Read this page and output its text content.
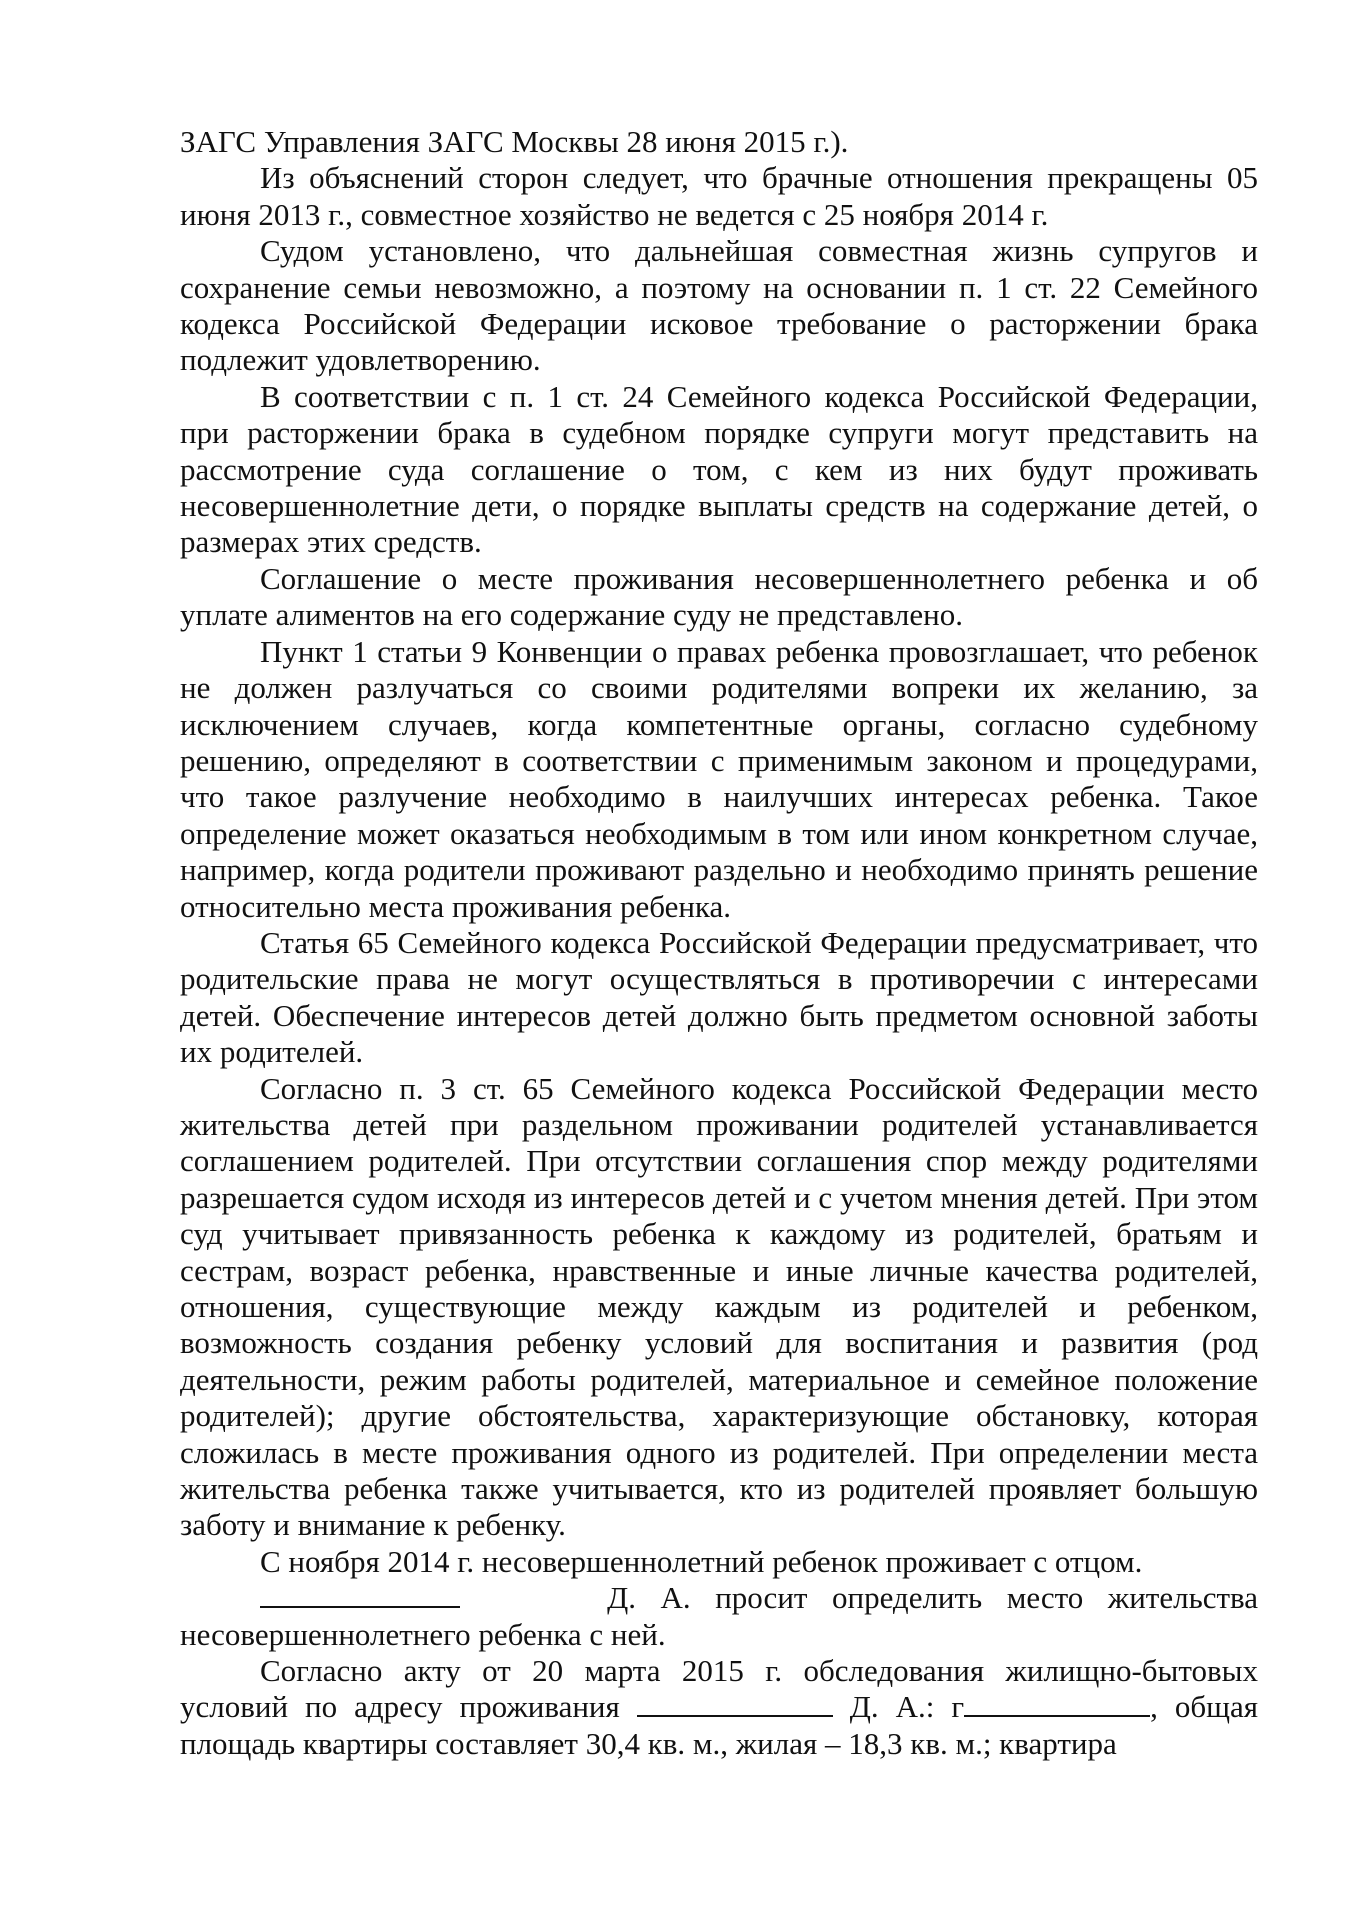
ЗАГС Управления ЗАГС Москвы 28 июня 2015 г.).

Из объяснений сторон следует, что брачные отношения прекращены 05 июня 2013 г., совместное хозяйство не ведется с 25 ноября 2014 г.

Судом установлено, что дальнейшая совместная жизнь супругов и сохранение семьи невозможно, а поэтому на основании п. 1 ст. 22 Семейного кодекса Российской Федерации исковое требование о расторжении брака подлежит удовлетворению.

В соответствии с п. 1 ст. 24 Семейного кодекса Российской Федерации, при расторжении брака в судебном порядке супруги могут представить на рассмотрение суда соглашение о том, с кем из них будут проживать несовершеннолетние дети, о порядке выплаты средств на содержание детей, о размерах этих средств.

Соглашение о месте проживания несовершеннолетнего ребенка и об уплате алиментов на его содержание суду не представлено.

Пункт 1 статьи 9 Конвенции о правах ребенка провозглашает, что ребенок не должен разлучаться со своими родителями вопреки их желанию, за исключением случаев, когда компетентные органы, согласно судебному решению, определяют в соответствии с применимым законом и процедурами, что такое разлучение необходимо в наилучших интересах ребенка. Такое определение может оказаться необходимым в том или ином конкретном случае, например, когда родители проживают раздельно и необходимо принять решение относительно места проживания ребенка.

Статья 65 Семейного кодекса Российской Федерации предусматривает, что родительские права не могут осуществляться в противоречии с интересами детей. Обеспечение интересов детей должно быть предметом основной заботы их родителей.

Согласно п. 3 ст. 65 Семейного кодекса Российской Федерации место жительства детей при раздельном проживании родителей устанавливается соглашением родителей. При отсутствии соглашения спор между родителями разрешается судом исходя из интересов детей и с учетом мнения детей. При этом суд учитывает привязанность ребенка к каждому из родителей, братьям и сестрам, возраст ребенка, нравственные и иные личные качества родителей, отношения, существующие между каждым из родителей и ребенком, возможность создания ребенку условий для воспитания и развития (род деятельности, режим работы родителей, материальное и семейное положение родителей); другие обстоятельства, характеризующие обстановку, которая сложилась в месте проживания одного из родителей. При определении места жительства ребенка также учитывается, кто из родителей проявляет большую заботу и внимание к ребенку.

С ноября 2014 г. несовершеннолетний ребенок проживает с отцом.

Д. А. просит определить место жительства несовершеннолетнего ребенка с ней.

Согласно акту от 20 марта 2015 г. обследования жилищно-бытовых условий по адресу проживания	Д. А.: г	, общая площадь квартиры составляет 30,4 кв. м., жилая – 18,3 кв. м.; квартира
